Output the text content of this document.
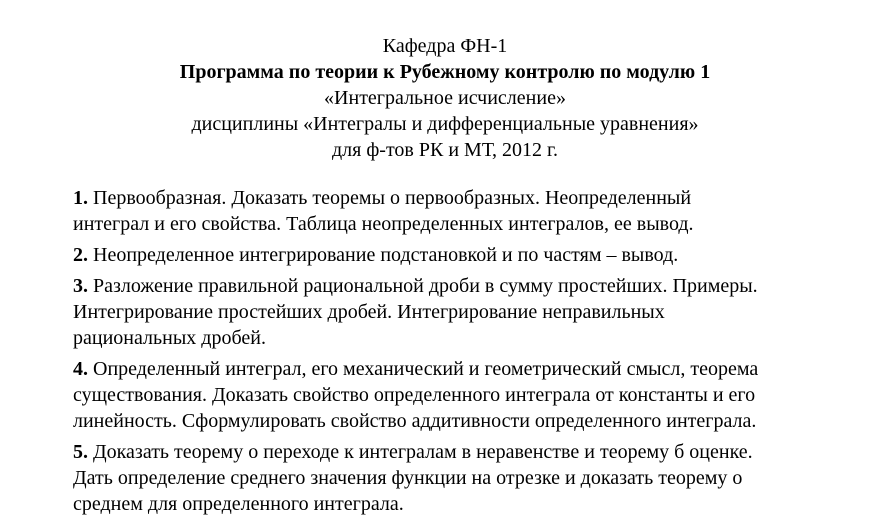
Кафедра ФН-1
Программа по теории к Рубежному контролю по модулю 1
«Интегральное исчисление»
дисциплины «Интегралы и дифференциальные уравнения»
для ф-тов РК и МТ, 2012 г.
1. Первообразная. Доказать теоремы о первообразных. Неопределенный
интеграл и его свойства. Таблица неопределенных интегралов, ее вывод.
2. Неопределенное интегрирование подстановкой и по частям – вывод.
3. Разложение правильной рациональной дроби в сумму простейших. Примеры.
Интегрирование простейших дробей. Интегрирование неправильных
рациональных дробей.
4. Определенный интеграл, его механический и геометрический смысл, теорема
существования. Доказать свойство определенного интеграла от константы и его
линейность. Сформулировать свойство аддитивности определенного интеграла.
5. Доказать теорему о переходе к интегралам в неравенстве и теорему б оценке.
Дать определение среднего значения функции на отрезке и доказать теорему о
среднем для определенного интеграла.
